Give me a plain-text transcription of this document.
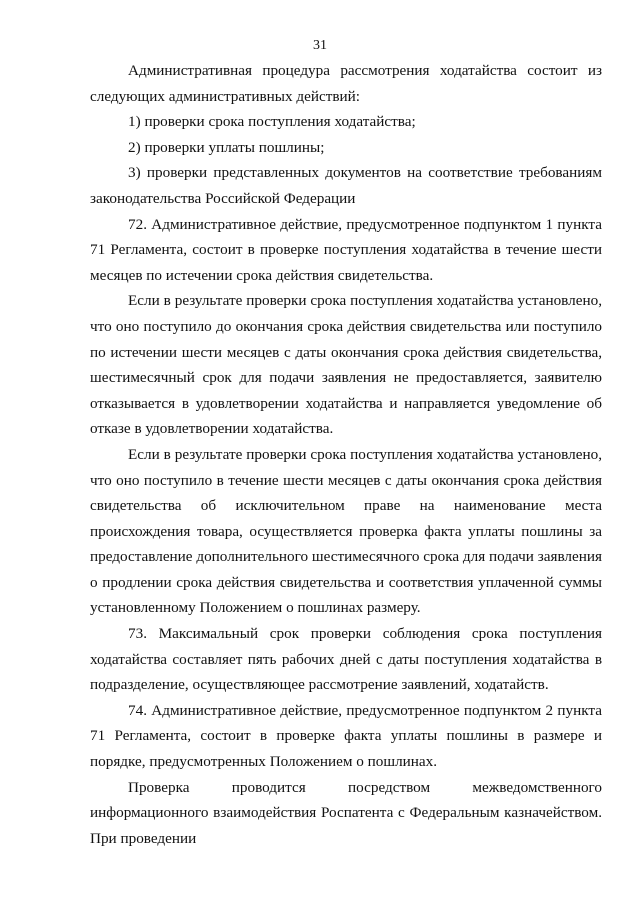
31

Административная процедура рассмотрения ходатайства состоит из следующих административных действий:

1) проверки срока поступления ходатайства;

2) проверки уплаты пошлины;

3) проверки представленных документов на соответствие требованиям законодательства Российской Федерации

72. Административное действие, предусмотренное подпунктом 1 пункта 71 Регламента, состоит в проверке поступления ходатайства в течение шести месяцев по истечении срока действия свидетельства.

Если в результате проверки срока поступления ходатайства установлено, что оно поступило до окончания срока действия свидетельства или поступило по истечении шести месяцев с даты окончания срока действия свидетельства, шестимесячный срок для подачи заявления не предоставляется, заявителю отказывается в удовлетворении ходатайства и направляется уведомление об отказе в удовлетворении ходатайства.

Если в результате проверки срока поступления ходатайства установлено, что оно поступило в течение шести месяцев с даты окончания срока действия свидетельства об исключительном праве на наименование места происхождения товара, осуществляется проверка факта уплаты пошлины за предоставление дополнительного шестимесячного срока для подачи заявления о продлении срока действия свидетельства и соответствия уплаченной суммы установленному Положением о пошлинах размеру.

73. Максимальный срок проверки соблюдения срока поступления ходатайства составляет пять рабочих дней с даты поступления ходатайства в подразделение, осуществляющее рассмотрение заявлений, ходатайств.

74. Административное действие, предусмотренное подпунктом 2 пункта 71 Регламента, состоит в проверке факта уплаты пошлины в размере и порядке, предусмотренных Положением о пошлинах.

Проверка проводится посредством межведомственного информационного взаимодействия Роспатента с Федеральным казначейством. При проведении
